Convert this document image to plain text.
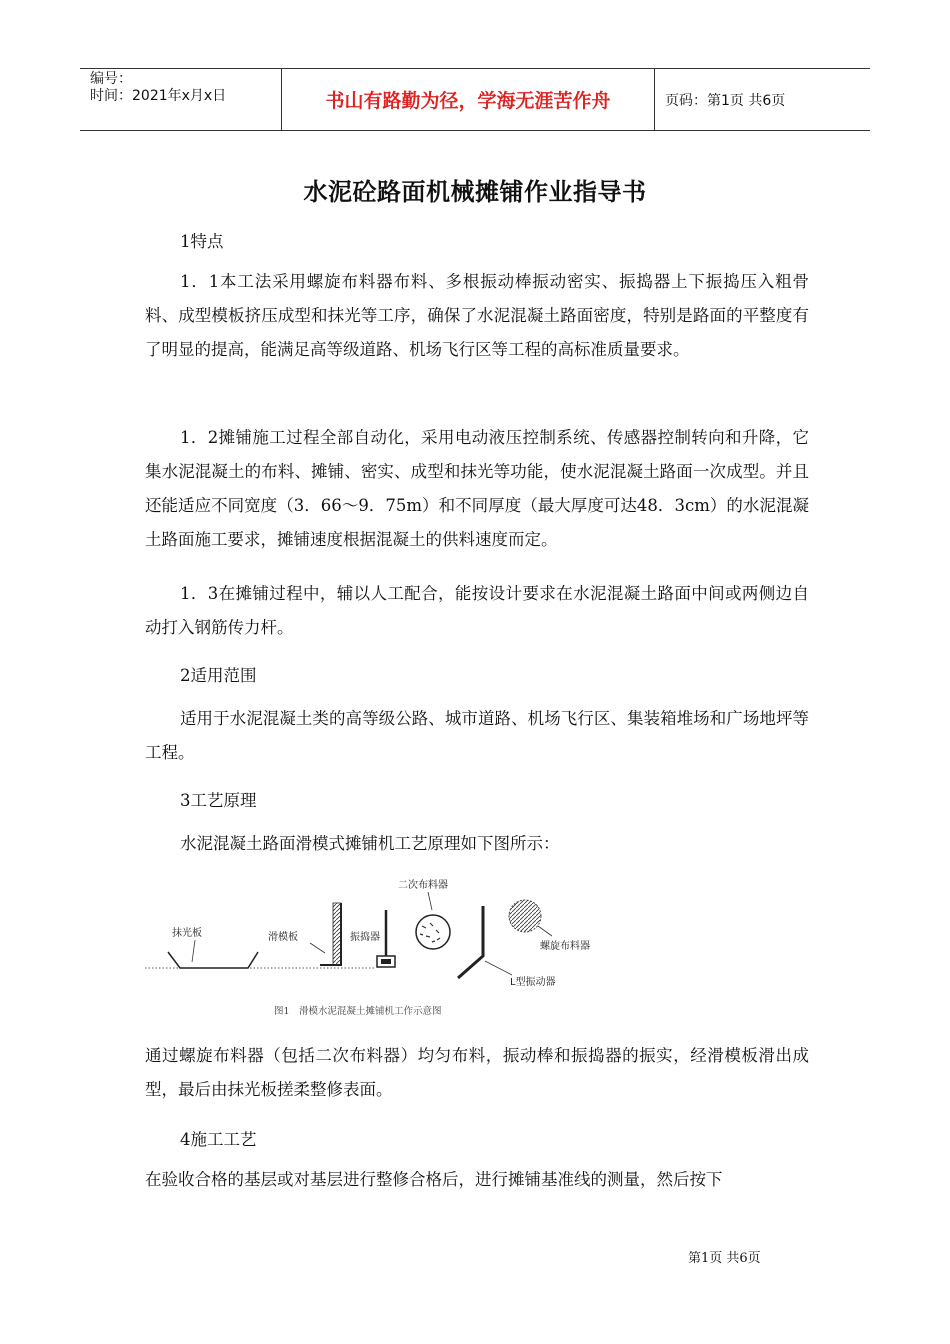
编号：
时间：2021年x月x日	书山有路勤为径，学海无涯苦作舟	页码：第1页 共6页
水泥砼路面机械摊铺作业指导书

1特点

1．1本工法采用螺旋布料器布料、多根振动棒振动密实、振捣器上下振捣压入粗骨料、成型模板挤压成型和抹光等工序，确保了水泥混凝土路面密度，特别是路面的平整度有了明显的提高，能满足高等级道路、机场飞行区等工程的高标准质量要求。

1．2摊铺施工过程全部自动化，采用电动液压控制系统、传感器控制转向和升降，它集水泥混凝土的布料、摊铺、密实、成型和抹光等功能，使水泥混凝土路面一次成型。并且还能适应不同宽度（3．66～9．75m）和不同厚度（最大厚度可达48．3cm）的水泥混凝土路面施工要求，摊铺速度根据混凝土的供料速度而定。

1．3在摊铺过程中，辅以人工配合，能按设计要求在水泥混凝土路面中间或两侧边自动打入钢筋传力杆。

2适用范围

适用于水泥混凝土类的高等级公路、城市道路、机场飞行区、集装箱堆场和广场地坪等工程。

3工艺原理

水泥混凝土路面滑模式摊铺机工艺原理如下图所示：

抹光板	滑模板	振捣器
二次布料器
L型振动器
螺旋布料器
图1　滑模水泥混凝土摊铺机工作示意图

通过螺旋布料器（包括二次布料器）均匀布料，振动棒和振捣器的振实，经滑模板滑出成型，最后由抹光板搓柔整修表面。

4施工工艺

在验收合格的基层或对基层进行整修合格后，进行摊铺基准线的测量，然后按下

第1页 共6页
